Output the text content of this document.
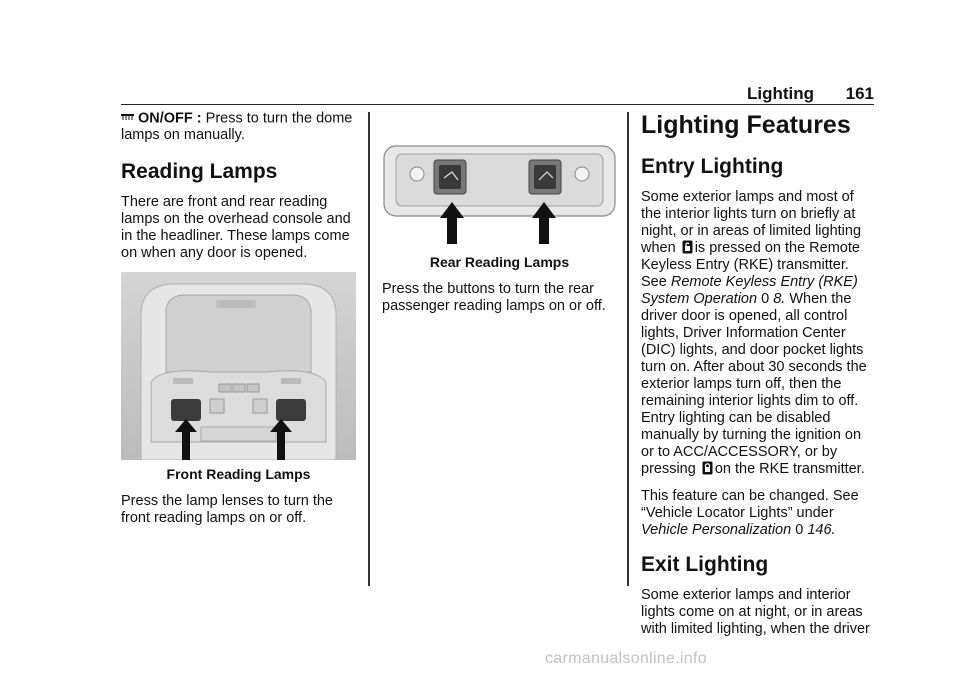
Lighting 161

ON/OFF : Press to turn the dome lamps on manually.

Reading Lamps

There are front and rear reading lamps on the overhead console and in the headliner. These lamps come on when any door is opened.

Front Reading Lamps

Press the lamp lenses to turn the front reading lamps on or off.

Rear Reading Lamps

Press the buttons to turn the rear passenger reading lamps on or off.

Lighting Features
Entry Lighting

Some exterior lamps and most of the interior lights turn on briefly at night, or in areas of limited lighting when is pressed on the Remote Keyless Entry (RKE) transmitter. See Remote Keyless Entry (RKE) System Operation 0 8. When the driver door is opened, all control lights, Driver Information Center (DIC) lights, and door pocket lights turn on. After about 30 seconds the exterior lamps turn off, then the remaining interior lights dim to off. Entry lighting can be disabled manually by turning the ignition on or to ACC/ACCESSORY, or by pressing on the RKE transmitter.

This feature can be changed. See “Vehicle Locator Lights” under Vehicle Personalization 0 146.

Exit Lighting

Some exterior lamps and interior lights come on at night, or in areas with limited lighting, when the driver

carmanualsonline.info
